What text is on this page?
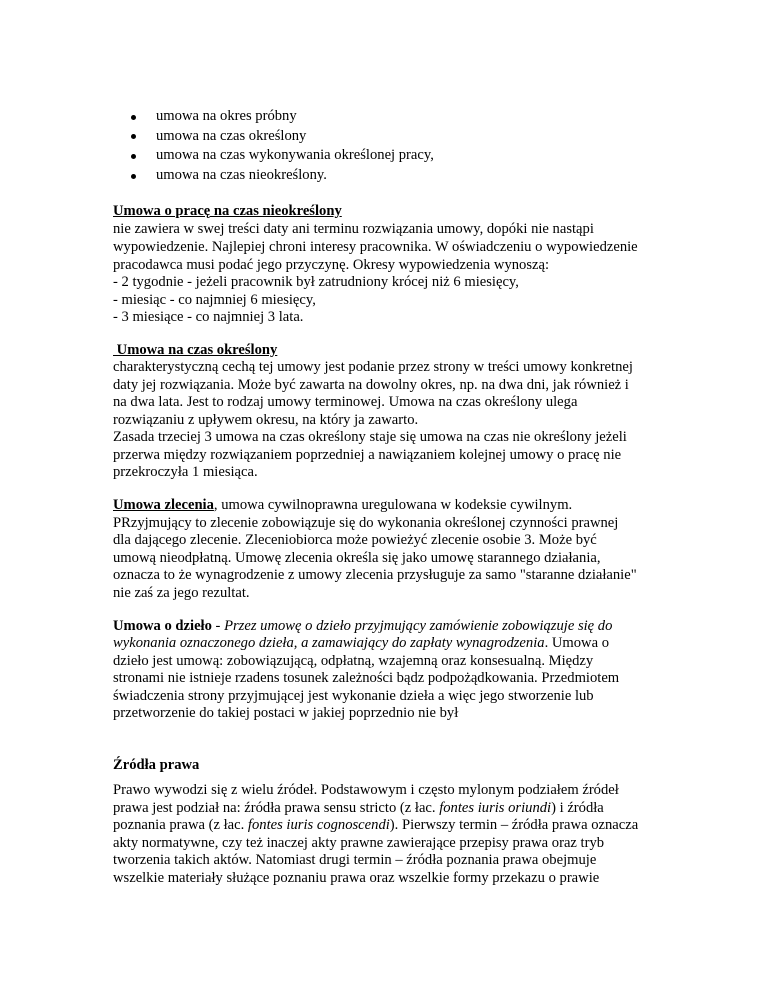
umowa na okres próbny
umowa na czas określony
umowa na czas wykonywania określonej pracy,
umowa na czas nieokreślony.

Umowa o pracę na czas nieokreślony

nie zawiera w swej treści daty ani terminu rozwiązania umowy, dopóki nie nastąpi

wypowiedzenie. Najlepiej chroni interesy pracownika. W oświadczeniu o wypowiedzenie

pracodawca musi podać jego przyczynę. Okresy wypowiedzenia wynoszą:

- 2 tygodnie - jeżeli pracownik był zatrudniony krócej niż 6 miesięcy,

- miesiąc - co najmniej 6 miesięcy,

- 3 miesiące - co najmniej 3 lata.

Umowa na czas określony

charakterystyczną cechą tej umowy jest podanie przez strony w treści umowy konkretnej

daty jej rozwiązania. Może być zawarta na dowolny okres, np. na dwa dni, jak również i

na dwa lata. Jest to rodzaj umowy terminowej. Umowa na czas określony ulega

rozwiązaniu z upływem okresu, na który ja zawarto.

Zasada trzeciej 3 umowa na czas określony staje się umowa na czas nie określony jeżeli

przerwa między rozwiązaniem poprzedniej a nawiązaniem kolejnej umowy o pracę nie

przekroczyła 1 miesiąca.

Umowa zlecenia, umowa cywilnoprawna uregulowana w kodeksie cywilnym.

PRzyjmujący to zlecenie zobowiązuje się do wykonania określonej czynności prawnej

dla dającego zlecenie. Zleceniobiorca może powieżyć zlecenie osobie 3. Może być

umową nieodpłatną. Umowę zlecenia określa się jako umowę starannego działania,

oznacza to że wynagrodzenie z umowy zlecenia przysługuje za samo "staranne działanie"

nie zaś za jego rezultat.

Umowa o dzieło - Przez umowę o dzieło przyjmujący zamówienie zobowiązuje się do

wykonania oznaczonego dzieła, a zamawiający do zapłaty wynagrodzenia. Umowa o

dzieło jest umową: zobowiązującą, odpłatną, wzajemną oraz konsesualną. Między

stronami nie istnieje rzadens tosunek zależności bądz podpożądkowania. Przedmiotem

świadczenia strony przyjmującej jest wykonanie dzieła a więc jego stworzenie lub

przetworzenie do takiej postaci w jakiej poprzednio nie był

Źródła prawa

Prawo wywodzi się z wielu źródeł. Podstawowym i często mylonym podziałem źródeł

prawa jest podział na: źródła prawa sensu stricto (z łac. fontes iuris oriundi) i źródła

poznania prawa (z łac. fontes iuris cognoscendi). Pierwszy termin – źródła prawa oznacza

akty normatywne, czy też inaczej akty prawne zawierające przepisy prawa oraz tryb

tworzenia takich aktów. Natomiast drugi termin – źródła poznania prawa obejmuje

wszelkie materiały służące poznaniu prawa oraz wszelkie formy przekazu o prawie
